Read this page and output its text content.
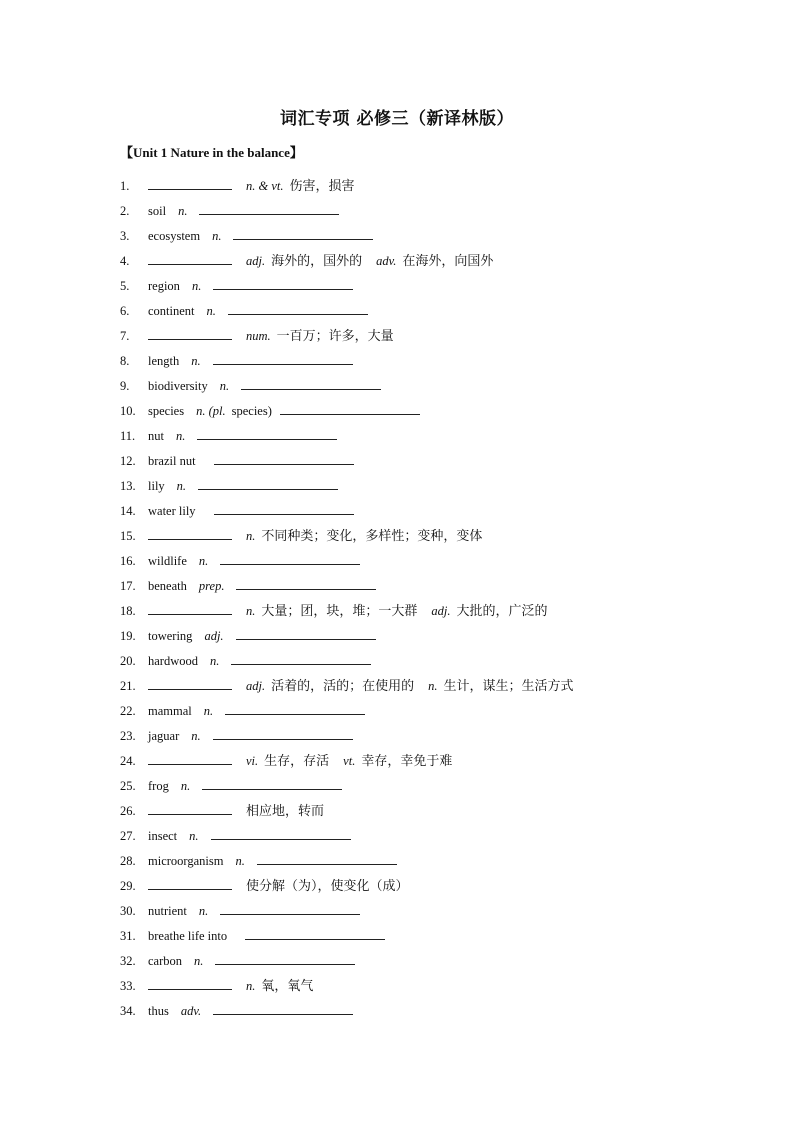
词汇专项 必修三（新译林版）
【Unit 1 Nature in the balance】
1.	n. & vt. 伤害，损害
2. soil n.
3. ecosystem n.
4.	adj. 海外的，国外的 adv. 在海外，向国外
5. region n.
6. continent n.
7.	num. 一百万；许多，大量
8. length n.
9. biodiversity n.
10. species n. (pl. species)
11. nut n.
12. brazil nut
13. lily n.
14. water lily
15.	n. 不同种类；变化，多样性；变种，变体
16. wildlife n.
17. beneath prep.
18.	n. 大量；团，块，堆；一大群 adj. 大批的，广泛的
19. towering adj.
20. hardwood n.
21.	adj. 活着的，活的；在使用的 n. 生计，谋生；生活方式
22. mammal n.
23. jaguar n.
24.	vi. 生存，存活 vt. 幸存，幸免于难
25. frog n.
26.	相应地，转而
27. insect n.
28. microorganism n.
29.	使分解（为），使变化（成）
30. nutrient n.
31. breathe life into
32. carbon n.
33.	n. 氧，氧气
34. thus adv.
